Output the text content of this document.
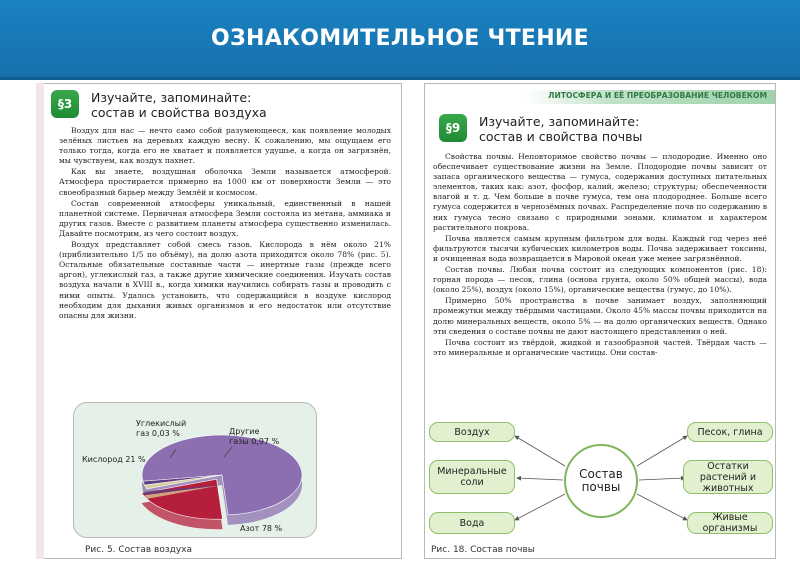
ОЗНАКОМИТЕЛЬНОЕ ЧТЕНИЕ
§3	Изучайте, запоминайте:
состав и свойства воздуха

Воздух для нас — нечто само собой разумеющееся, как появление молодых зелёных листьев на деревьях каждую весну. К сожалению, мы ощущаем его только тогда, когда его не хватает и появляется удушье, а когда он загрязнён, мы чувствуем, как воздух пахнет.

Как вы знаете, воздушная оболочка Земли называется атмосферой. Атмосфера простирается примерно на 1000 км от поверхности Земли — это своеобразный барьер между Землёй и космосом.

Состав современной атмосферы уникальный, единственный в нашей планетной системе. Первичная атмосфера Земли состояла из метана, аммиака и других газов. Вместе с развитием планеты атмосфера существенно изменилась. Давайте посмотрим, из чего состоит воздух.

Воздух представляет собой смесь газов. Кислорода в нём около 21% (приблизительно 1/5 по объёму), на долю азота приходится около 78% (рис. 5). Остальные обязательные составные части — инертные газы (прежде всего аргон), углекислый газ, а также другие химические соединения. Изучать состав воздуха начали в XVIII в., когда химики научились собирать газы и проводить с ними опыты. Удалось установить, что содержащийся в воздухе кислород необходим для дыхания живых организмов и его недостаток или отсутствие опасны для жизни.

Углекислый
газ 0,03 %	Другие
газы 0,97 %
Кислород 21 %
Азот 78 %
Рис. 5. Состав воздуха
ЛИТОСФЕРА И ЕЁ ПРЕОБРАЗОВАНИЕ ЧЕЛОВЕКОМ
§9	Изучайте, запоминайте:
состав и свойства почвы

Свойства почвы. Неповторимое свойство почвы — плодородие. Именно оно обеспечивает существование жизни на Земле. Плодородие почвы зависит от запаса органического вещества — гумуса, содержания доступных питательных элементов, таких как: азот, фосфор, калий, железо; структуры; обеспеченности влагой и т. д. Чем больше в почве гумуса, тем она плодороднее. Больше всего гумуса содержится в чернозёмных почвах. Распределение почв по содержанию в них гумуса тесно связано с природными зонами, климатом и характером растительного покрова.

Почва является самым крупным фильтром для воды. Каждый год через неё фильтруются тысячи кубических километров воды. Почва задерживает токсины, и очищенная вода возвращается в Мировой океан уже менее загрязнённой.

Состав почвы. Любая почва состоит из следующих компонентов (рис. 18): горная порода — песок, глина (основа грунта, около 50% общей массы), вода (около 25%), воздух (около 15%), органические вещества (гумус, до 10%).

Примерно 50% пространства в почве занимает воздух, заполняющий промежутки между твёрдыми частицами. Около 45% массы почвы приходится на долю минеральных веществ, около 5% — на долю органических веществ. Однако эти сведения о составе почвы не дают настоящего представления о ней.

Почва состоит из твёрдой, жидкой и газообразной частей. Твёрдая часть — это минеральные и органические частицы. Они состав-

Воздух
Минеральные соли
Вода
Состав почвы
Песок, глина
Остатки растений и животных
Живые организмы
Рис. 18. Состав почвы
